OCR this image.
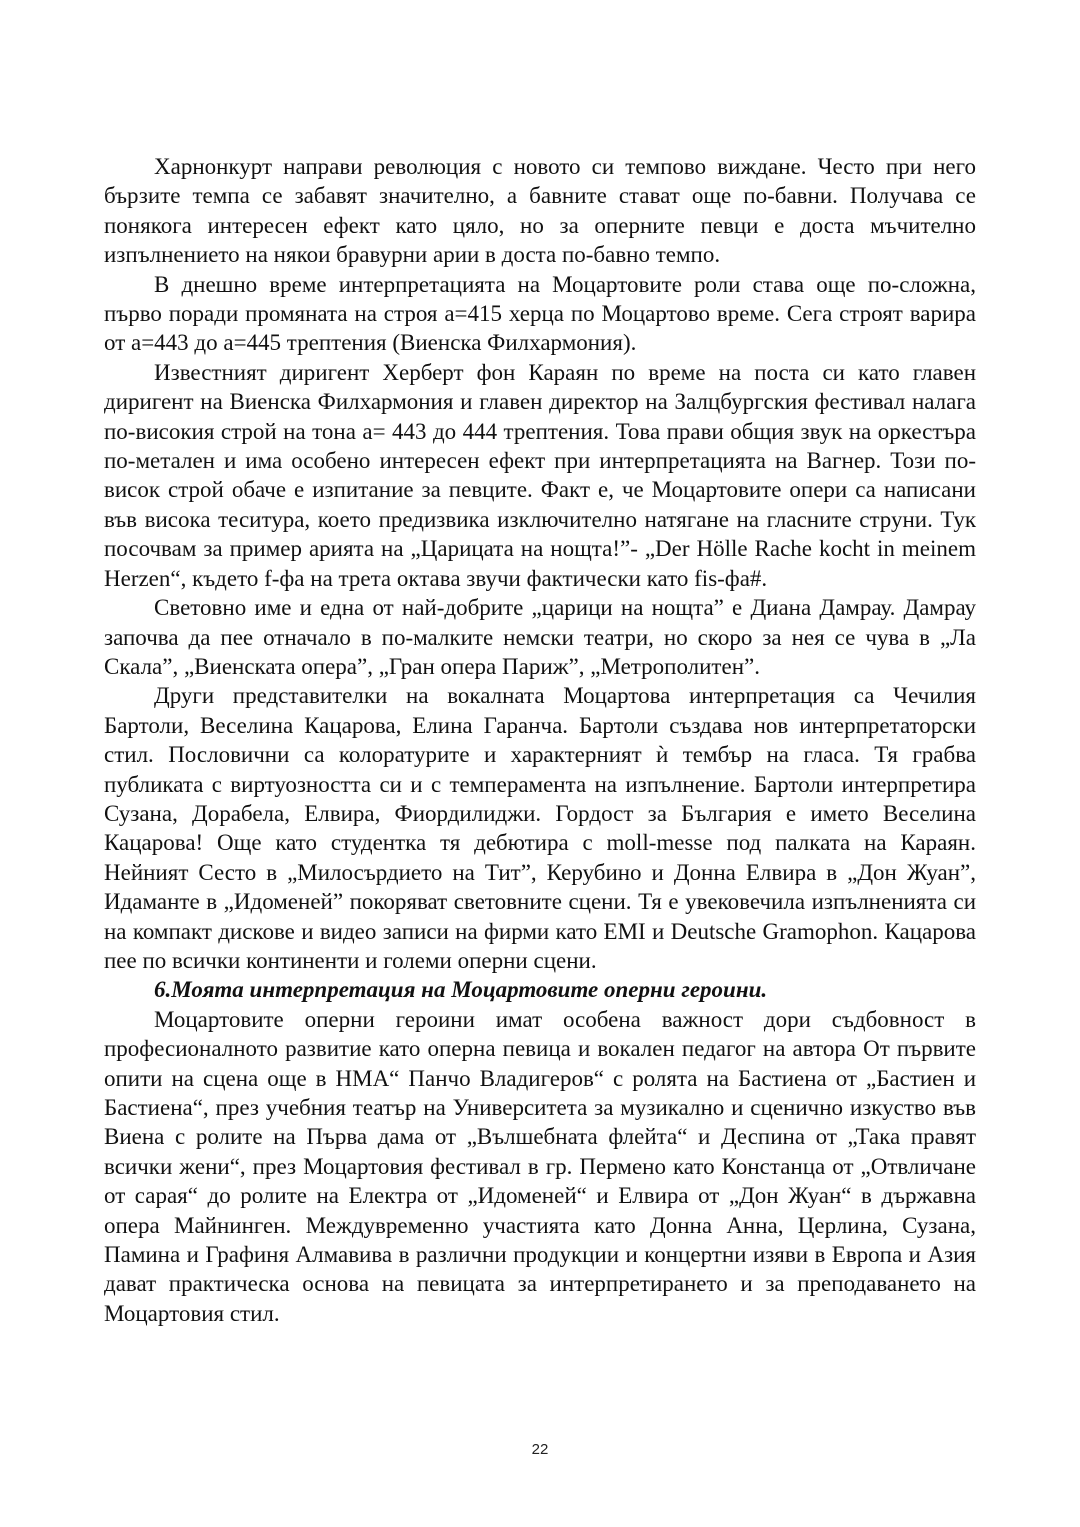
Харнонкурт направи революция с новото си темпово виждане. Често при него бързите темпа се забавят значително, а бавните стават още по-бавни. Получава се понякога интересен ефект като цяло, но за оперните певци е доста мъчително изпълнението на някои бравурни арии в доста по-бавно темпо.

В днешно време интерпретацията на Моцартовите роли става още по-сложна, първо поради промяната на строя а=415 херца по Моцартово време. Сега строят варира от а=443 до а=445 трептения (Виенска Филхармония).

Известният диригент Херберт фон Караян по време на поста си като главен диригент на Виенска Филхармония и главен директор на Залцбургския фестивал налага по-високия строй на тона а= 443 до 444 трептения. Това прави общия звук на оркестъра по-метален и има особено интересен ефект при интерпретацията на Вагнер. Този по-висок строй обаче е изпитание за певците. Факт е, че Моцартовите опери са написани във висока теситура, което предизвика изключително натягане на гласните струни. Тук посочвам за пример арията на „Царицата на нощта!”- „Der Hölle Rache kocht in meinem Herzen“, където f-фа на трета октава звучи фактически като fis-фа#.

Световно име и една от най-добрите „царици на нощта” е Диана Дамрау. Дамрау започва да пее отначало в по-малките немски театри, но скоро за нея се чува в „Ла Скала”, „Виенската опера”, „Гран опера Париж”, „Метрополитен”.

Други представителки на вокалната Моцартова интерпретация са Чечилия Бартоли, Веселина Кацарова, Елина Гаранча. Бартоли създава нов интерпретаторски стил. Пословични са колоратурите и характерният ѝ тембър на гласа. Тя грабва публиката с виртуозността си и с темперамента на изпълнение. Бартоли интерпретира Сузана, Дорабела, Елвира, Фиордилиджи. Гордост за България е името Веселина Кацарова! Още като студентка тя дебютира с moll-messe под палката на Караян. Нейният Сесто в „Милосърдието на Тит”, Керубино и Донна Елвира в „Дон Жуан”, Идаманте в „Идоменей” покоряват световните сцени. Тя е увековечила изпълненията си на компакт дискове и видео записи на фирми като EMI и Deutsche Gramophon. Кацарова пее по всички континенти и големи оперни сцени.

6.Моята интерпретация на Моцартовите оперни героини.

Моцартовите оперни героини имат особена важност дори съдбовност в професионалното развитие като оперна певица и вокален педагог на автора От първите опити на сцена още в НМА“ Панчо Владигеров“ с ролята на Бастиена от „Бастиен и Бастиена“, през учебния театър на Университета за музикално и сценично изкуство във Виена с ролите на Първа дама от „Вълшебната флейта“ и Деспина от „Така правят всички жени“, през Моцартовия фестивал в гр. Пермено като Констанца от „Отвличане от сарая“ до ролите на Електра от „Идоменей“ и Елвира от „Дон Жуан“ в държавна опера Майнинген. Междувременно участията като Донна Анна, Церлина, Сузана, Памина и Графиня Алмавива в различни продукции и концертни изяви в Европа и Азия дават практическа основа на певицата за интерпретирането и за преподаването на Моцартовия стил.

22
